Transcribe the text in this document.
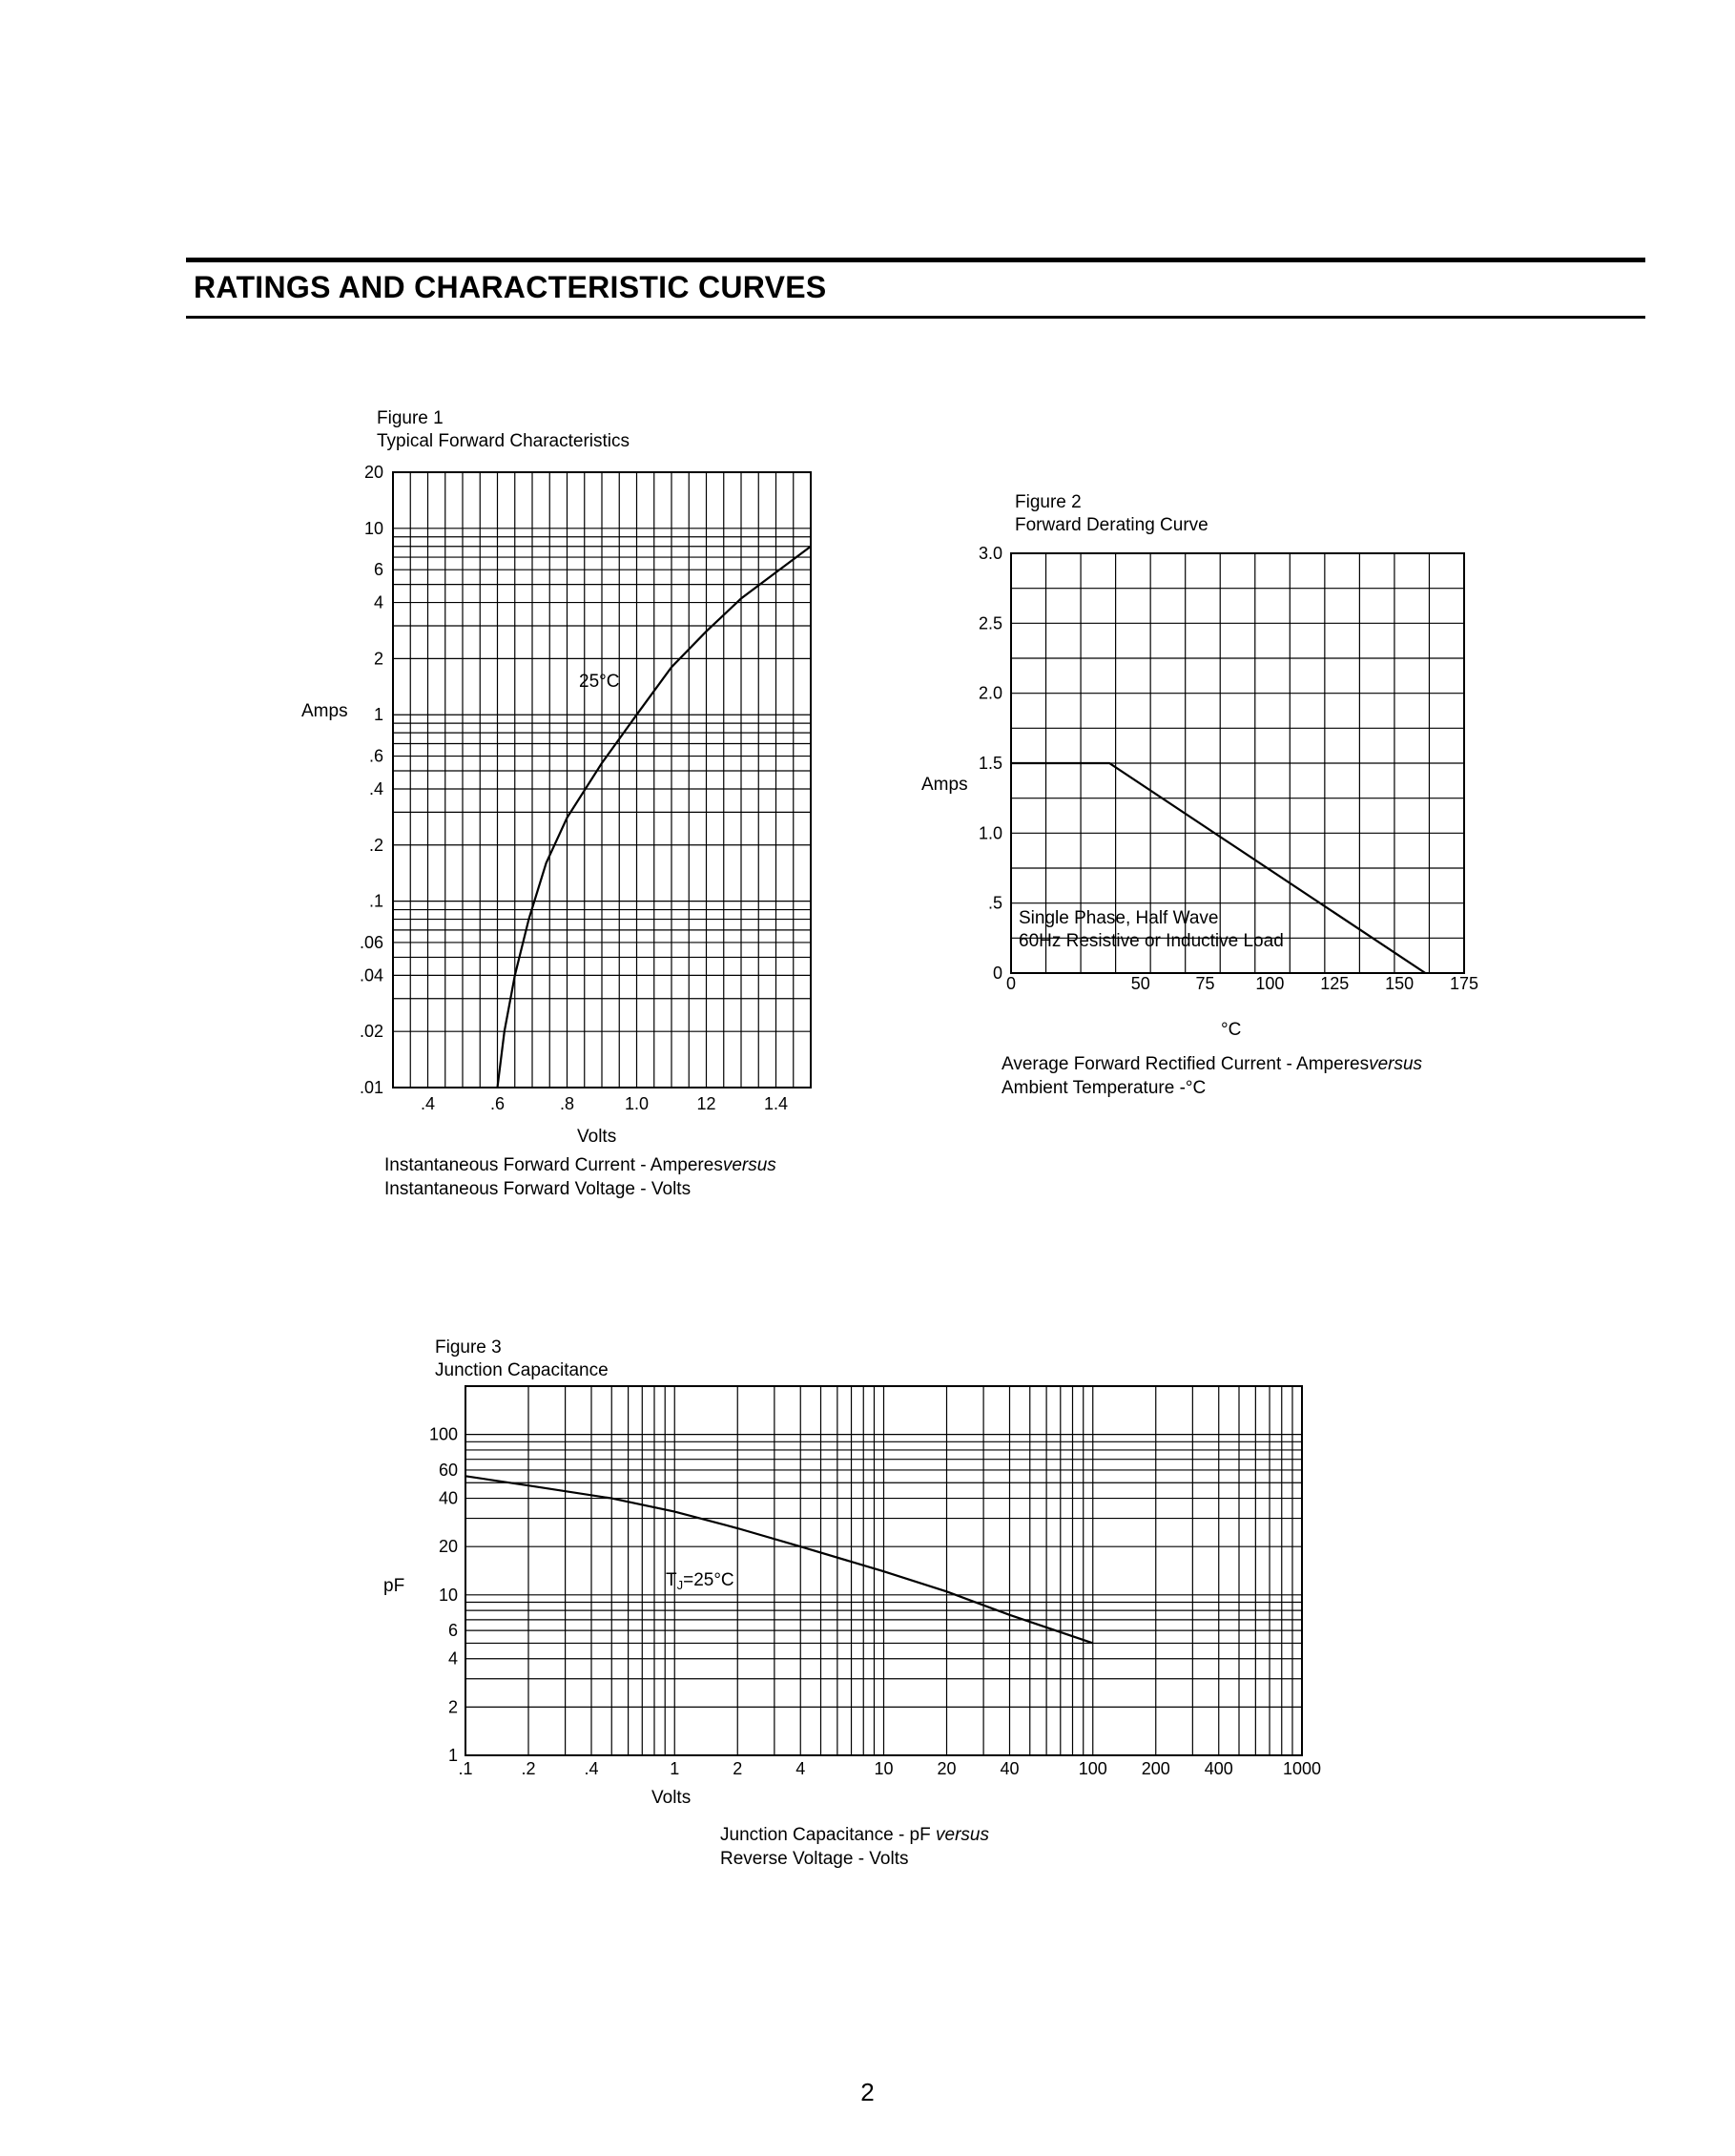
RATINGS AND CHARACTERISTIC CURVES
Figure 1
Typical Forward Characteristics
.4	.6	.8	1.0	12	1.4
20
10
6
4
2
1
.6
.4
.2
.1
.06
.04
.02
.01
Amps
25°C
Volts
Instantaneous Forward Current - Amperesversus
Instantaneous Forward Voltage - Volts
Figure 2
Forward Derating Curve
0	50	75 100 125 150 175
3.0
2.5
2.0
1.5
1.0
.5
0
Amps
Single Phase, Half Wave
60Hz Resistive or Inductive Load
°C
Average Forward Rectified Current - Amperesversus
Ambient Temperature -°C
Figure 3
Junction Capacitance
.1	.2	.4	1	2	4	10	20	40	100 200 400	1000
100
60
40
20
10
6
4
2
1
pF	$T_J=25^\circ C$
Volts
Junction Capacitance - pF versus
Reverse Voltage - Volts
2
